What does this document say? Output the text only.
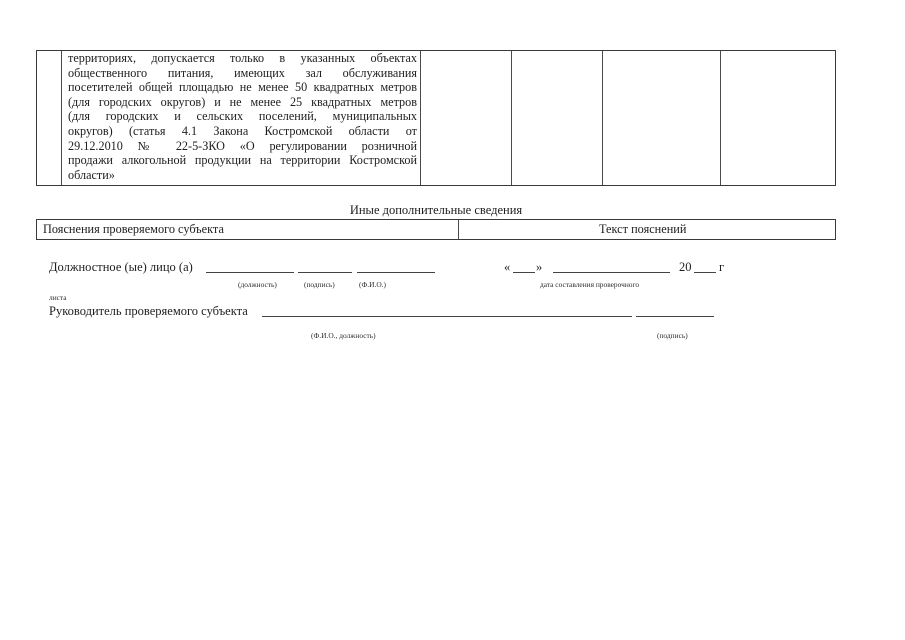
территориях, допускается только в указанных объектах
общественного питания, имеющих зал обслуживания
посетителей общей площадью не менее 50 квадратных метров
(для городских округов) и не менее 25 квадратных метров
(для городских и сельских поселений, муниципальных
округов) (статья 4.1 Закона Костромской области от
29.12.2010 № 22-5-ЗКО «О регулировании розничной
продажи алкогольной продукции на территории Костромской
области»
Иные дополнительные сведения
Пояснения проверяемого субъекта	Текст пояснений
Должностное (ые) лицо (а)
(должность)	(подпись)	(Ф.И.О.)
« »	20 г
дата составления проверочного
листа
Руководитель проверяемого субъекта
(Ф.И.О., должность)	(подпись)
